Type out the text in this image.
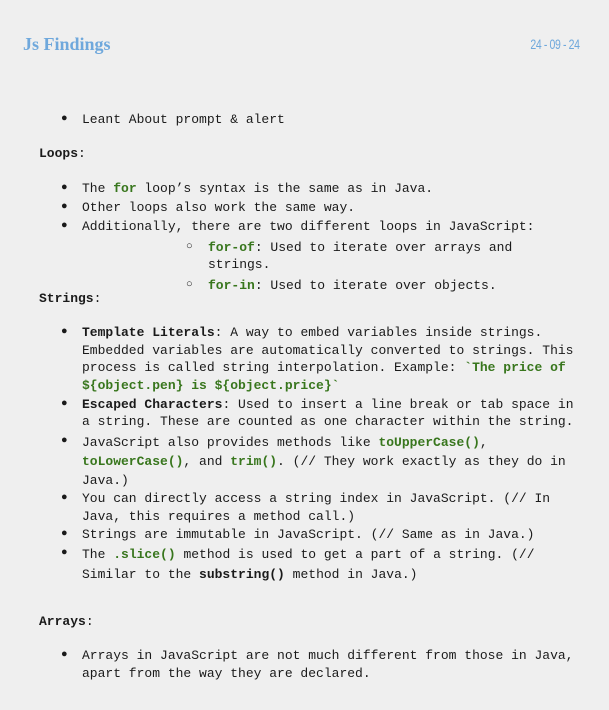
Js Findings	24 - 09 - 24
● Leant About prompt & alert
Loops:
● The for loop’s syntax is the same as in Java.
● Other loops also work the same way.
● Additionally, there are two different loops in JavaScript:
○ for-of: Used to iterate over arrays and strings.
○ for-in: Used to iterate over objects.
Strings:
● Template Literals: A way to embed variables inside strings. Embedded variables are automatically converted to strings. This process is called string interpolation. Example: `The price of ${object.pen} is ${object.price}`
● Escaped Characters: Used to insert a line break or tab space in a string. These are counted as one character within the string.
● JavaScript also provides methods like toUpperCase(), toLowerCase(), and trim(). (// They work exactly as they do in Java.)
● You can directly access a string index in JavaScript. (// In Java, this requires a method call.)
● Strings are immutable in JavaScript. (// Same as in Java.)
● The .slice() method is used to get a part of a string. (// Similar to the substring() method in Java.)
Arrays:
● Arrays in JavaScript are not much different from those in Java, apart from the way they are declared.
